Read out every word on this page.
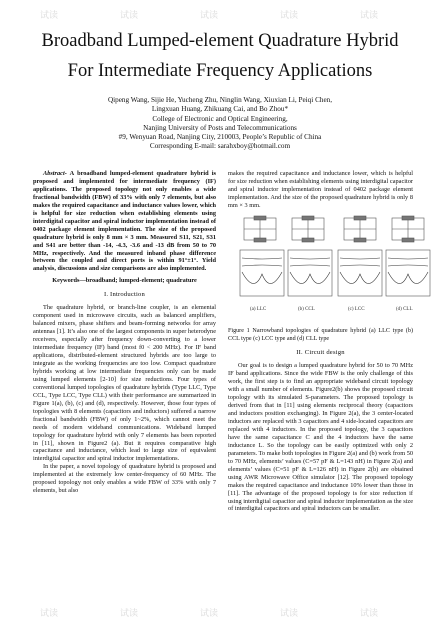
试读	试读	试读	试读	试读
试读	试读	试读	试读	试读
Broadband Lumped-element Quadrature Hybrid
For Intermediate Frequency Applications
Qipeng Wang, Sijie He, Yucheng Zhu, Ninglin Wang, Xiuxian Li, Peiqi Chen,
Lingxuan Huang, Zhikuang Cai, and Bo Zhou*
College of Electronic and Optical Engineering,
Nanjing University of Posts and Telecommunications
#9, Wenyuan Road, Nanjing City, 210003, People’s Republic of China
Corresponding E-mail: sarahxboy@hotmail.com

Abstract- A broadband lumped-element quadrature hybrid is proposed and implemented for intermediate frequency (IF) applications. The proposed topology not only enables a wide fractional bandwidth (FBW) of 33% with only 7 elements, but also makes the required capacitance and inductance values lower, which is helpful for size reduction when establishing elements using interdigital capacitor and spiral inductor implementation instead of 0402 package element implementation. The size of the proposed quadrature hybrid is only 8 mm × 3 mm. Measured S11, S21, S31 and S41 are better than -14, -4.3, -3.6 and -13 dB from 50 to 70 MHz, respectively. And the measured inband phase difference between the coupled and direct ports is within 91°±1°. Yield analysis, discussions and size comparisons are also implemented.

Keywords—broadband; lumped-element; quadrature

I. Introduction

The quadrature hybrid, or branch-line coupler, is an elemental component used in microwave circuits, such as balanced amplifiers, balanced mixers, phase shifters and beam-forming networks for array antennas [1]. It’s also one of the largest components in super heterodyne receivers, especially after frequency down-converting to a lower intermediate frequency (IF) band (most f0 < 200 MHz). For IF band applications, distributed-element structured hybrids are too large to integrate as the working frequencies are too low. Compact quadrature hybrids working at low intermediate frequencies only can be made using lumped elements [2-10] for size reductions. Four types of conventional lumped topologies of quadrature hybrids (Type LLC, Type CCL, Type LCC, Type CLL) with their performance are summarized in Figure 1(a), (b), (c) and (d), respectively. However, those four types of topologies with 8 elements (capacitors and inductors) suffered a narrow fractional bandwidth (FBW) of only 1~2%, which cannot meet the needs of modern wideband communications. Wideband lumped topology for quadrature hybrid with only 7 elements has been reported in [11], shown in Figure2 (a). But it requires comparative high capacitance and inductance, which lead to large size of equivalent interdigital capacitor and spiral inductor implementations.

In the paper, a novel topology of quadrature hybrid is proposed and implemented at the extremely low center-frequency of 60 MHz. The proposed topology not only enables a wide FBW of 33% with only 7 elements, but also

makes the required capacitance and inductance lower, which is helpful for size reduction when establishing elements using interdigital capacitor and spiral inductor implementation instead of 0402 package element implementation. And the size of the proposed quadrature hybrid is only 8 mm × 3 mm.

(a) LLC	(b) CCL	(c) LCC	(d) CLL

Figure 1 Narrowband topologies of quadrature hybrid (a) LLC type (b) CCL type (c) LCC type and (d) CLL type

II. Circuit design

Our goal is to design a lumped quadrature hybrid for 50 to 70 MHz IF band applications. Since the wide FBW is the only challenge of this work, the first step is to find an appropriate wideband circuit topology with a small number of elements. Figure2(b) shows the proposed circuit topology with its simulated S-parameters. The proposed topology is derived from that in [11] using elements reciprocal theory (capacitors and inductors position exchanging). In Figure 2(a), the 3 center-located inductors are replaced with 3 capacitors and 4 side-located capacitors are replaced with 4 inductors. In the proposed topology, the 3 capacitors have the same capacitance C and the 4 inductors have the same inductance L. So the topology can be easily optimized with only 2 parameters. To make both topologies in Figure 2(a) and (b) work from 50 to 70 MHz, elements’ values (C=57 pF & L=143 nH) in Figure 2(a) and elements’ values (C=51 pF & L=126 nH) in Figure 2(b) are obtained using AWR Microwave Office simulator [12]. The proposed topology makes the required capacitance and inductance 10% lower than those in [11]. The advantage of the proposed topology is for size reduction if using interdigital capacitor and spiral inductor implementation as the size of interdigital capacitors and spiral inductors can be smaller.
